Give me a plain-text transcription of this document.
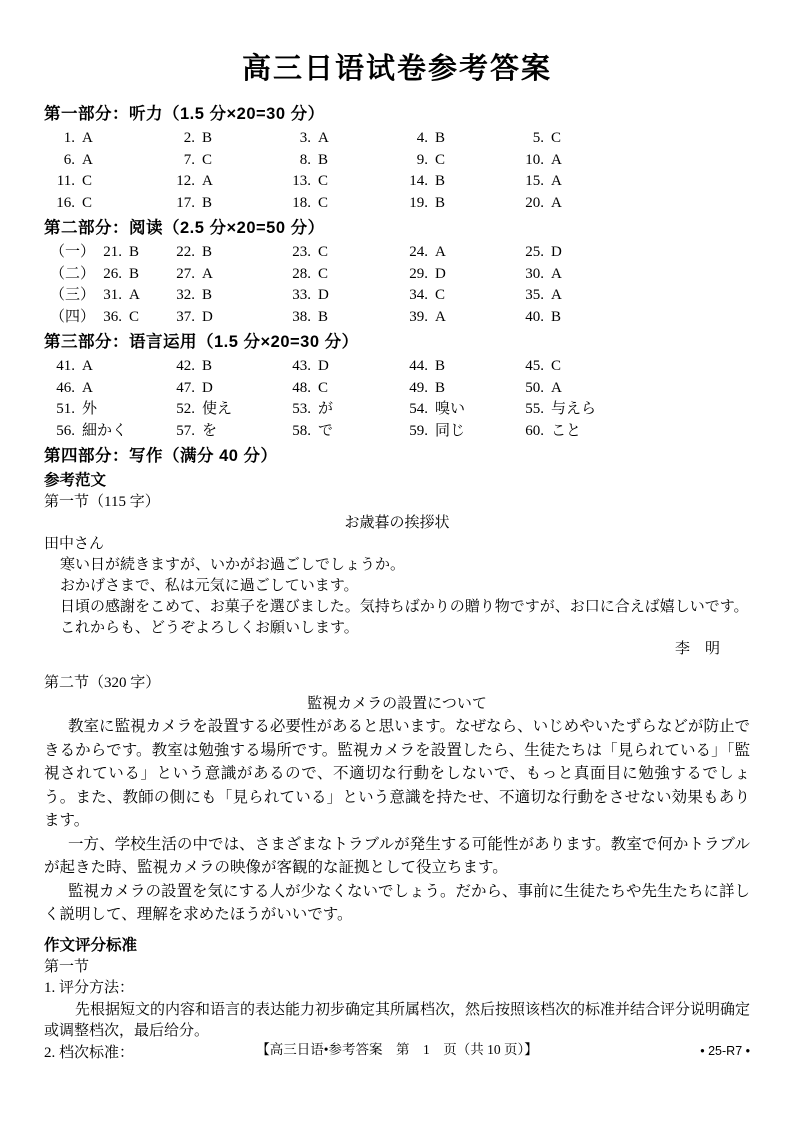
高三日语试卷参考答案
第一部分：听力（1.5 分×20=30 分）
1. A	2. B	3. A	4. B	5. C
6. A	7. C	8. B	9. C	10. A
11. C	12. A	13. C	14. B	15. A
16. C	17. B	18. C	19. B	20. A
第二部分：阅读（2.5 分×20=50 分）
（一） 21. B	22. B	23. C	24. A	25. D
（二） 26. B	27. A	28. C	29. D	30. A
（三） 31. A	32. B	33. D	34. C	35. A
（四） 36. C	37. D	38. B	39. A	40. B
第三部分：语言运用（1.5 分×20=30 分）
41. A	42. B	43. D	44. B	45. C
46. A	47. D	48. C	49. B	50. A
51. 外	52. 使え	53. が	54. 嗅い	55. 与えら
56. 細かく	57. を	58. で	59. 同じ	60. こと
第四部分：写作（满分 40 分）
参考范文
第一节（115 字）
お歳暮の挨拶状
田中さん
寒い日が続きますが、いかがお過ごしでしょうか。
おかげさまで、私は元気に過ごしています。
日頃の感謝をこめて、お菓子を選びました。気持ちばかりの贈り物ですが、お口に合えば嬉しいです。
これからも、どうぞよろしくお願いします。
李　明
第二节（320 字）
監視カメラの設置について
教室に監視カメラを設置する必要性があると思います。なぜなら、いじめやいたずらなどが防止できるからです。教室は勉強する場所です。監視カメラを設置したら、生徒たちは「見られている」「監視されている」という意識があるので、不適切な行動をしないで、もっと真面目に勉強するでしょう。また、教師の側にも「見られている」という意識を持たせ、不適切な行動をさせない効果もあります。
一方、学校生活の中では、さまざまなトラブルが発生する可能性があります。教室で何かトラブルが起きた時、監視カメラの映像が客観的な証拠として役立ちます。
監視カメラの設置を気にする人が少なくないでしょう。だから、事前に生徒たちや先生たちに詳しく説明して、理解を求めたほうがいいです。
作文评分标准
第一节
1. 评分方法：
先根据短文的内容和语言的表达能力初步确定其所属档次，然后按照该档次的标准并结合评分说明确定或调整档次，最后给分。
2. 档次标准：	【高三日语•参考答案　第　1　页（共 10 页）】	• 25-R7 •
